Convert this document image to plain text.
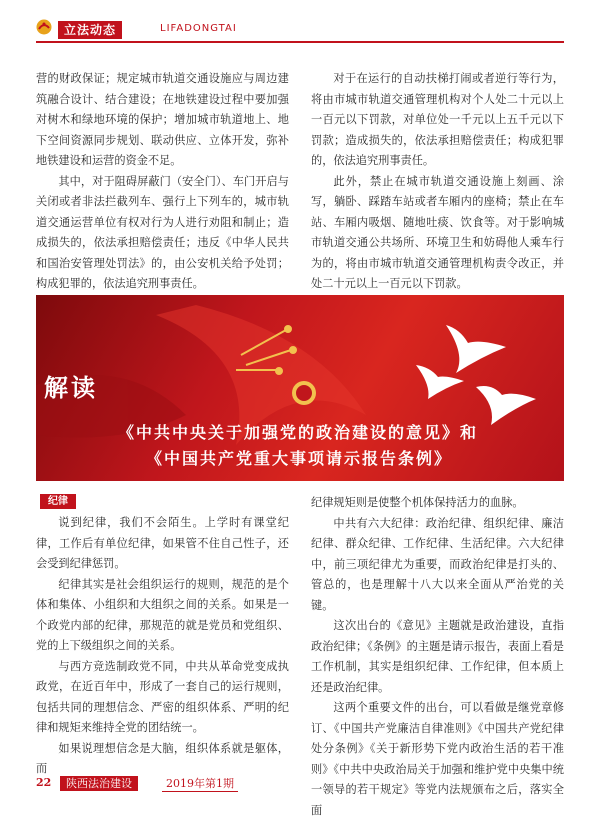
立法动态	LIFADONGTAI

营的财政保证；规定城市轨道交通设施应与周边建筑融合设计、结合建设；在地铁建设过程中要加强对树木和绿地环境的保护；增加城市轨道地上、地下空间资源同步规划、联动供应、立体开发，弥补地铁建设和运营的资金不足。

其中，对于阻碍屏蔽门（安全门）、车门开启与关闭或者非法拦截列车、强行上下列车的，城市轨道交通运营单位有权对行为人进行劝阻和制止；造成损失的，依法承担赔偿责任；违反《中华人民共和国治安管理处罚法》的，由公安机关给予处罚；构成犯罪的，依法追究刑事责任。

对于在运行的自动扶梯打闹或者逆行等行为，将由市城市轨道交通管理机构对个人处二十元以上一百元以下罚款，对单位处一千元以上五千元以下罚款；造成损失的，依法承担赔偿责任；构成犯罪的，依法追究刑事责任。

此外，禁止在城市轨道交通设施上刻画、涂写，躺卧、踩踏车站或者车厢内的座椅；禁止在车站、车厢内吸烟、随地吐痰、饮食等。对于影响城市轨道交通公共场所、环境卫生和妨碍他人乘车行为的，将由市城市轨道交通管理机构责令改正，并处二十元以上一百元以下罚款。

解读
《中共中央关于加强党的政治建设的意见》和
《中国共产党重大事项请示报告条例》
纪律

说到纪律，我们不会陌生。上学时有课堂纪律，工作后有单位纪律，如果管不住自己性子，还会受到纪律惩罚。

纪律其实是社会组织运行的规则，规范的是个体和集体、小组织和大组织之间的关系。如果是一个政党内部的纪律，那规范的就是党员和党组织、党的上下级组织之间的关系。

与西方竞选制政党不同，中共从革命党变成执政党，在近百年中，形成了一套自己的运行规则，包括共同的理想信念、严密的组织体系、严明的纪律和规矩来维持全党的团结统一。

如果说理想信念是大脑，组织体系就是躯体，而

纪律规矩则是使整个机体保持活力的血脉。

中共有六大纪律：政治纪律、组织纪律、廉洁纪律、群众纪律、工作纪律、生活纪律。六大纪律中，前三项纪律尤为重要，而政治纪律是打头的、管总的，也是理解十八大以来全面从严治党的关键。

这次出台的《意见》主题就是政治建设，直指政治纪律；《条例》的主题是请示报告，表面上看是工作机制，其实是组织纪律、工作纪律，但本质上还是政治纪律。

这两个重要文件的出台，可以看做是继党章修订、《中国共产党廉洁自律准则》《中国共产党纪律处分条例》《关于新形势下党内政治生活的若干准则》《中共中央政治局关于加强和维护党中央集中统一领导的若干规定》等党内法规颁布之后，落实全面

22	陕西法治建设	2019年第1期
